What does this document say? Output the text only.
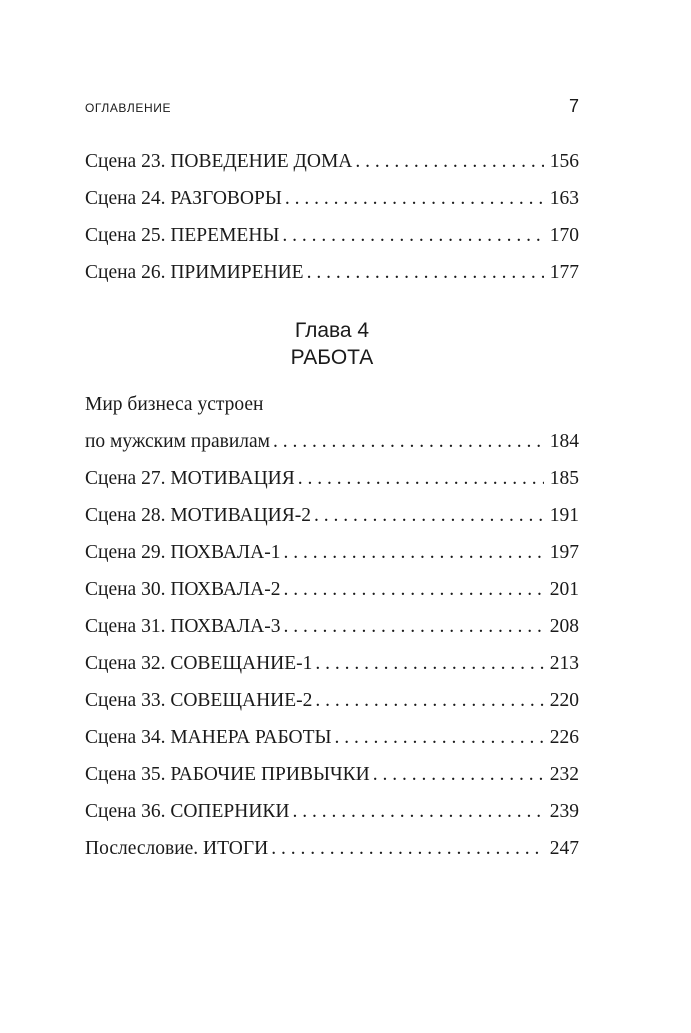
ОГЛАВЛЕНИЕ	7
Сцена 23. ПОВЕДЕНИЕ ДОМА . . .	156
Сцена 24. РАЗГОВОРЫ . . .	163
Сцена 25. ПЕРЕМЕНЫ . . .	170
Сцена 26. ПРИМИРЕНИЕ . . .	177
Глава 4
РАБОТА
Мир бизнеса устроен
по мужским правилам . . .	184
Сцена 27. МОТИВАЦИЯ . . .	185
Сцена 28. МОТИВАЦИЯ-2 . . .	191
Сцена 29. ПОХВАЛА-1 . . .	197
Сцена 30. ПОХВАЛА-2 . . .	201
Сцена 31. ПОХВАЛА-3 . . .	208
Сцена 32. СОВЕЩАНИЕ-1 . . .	213
Сцена 33. СОВЕЩАНИЕ-2 . . .	220
Сцена 34. МАНЕРА РАБОТЫ . . .	226
Сцена 35. РАБОЧИЕ ПРИВЫЧКИ . . .	232
Сцена 36. СОПЕРНИКИ . . .	239
Послесловие. ИТОГИ . . .	247
